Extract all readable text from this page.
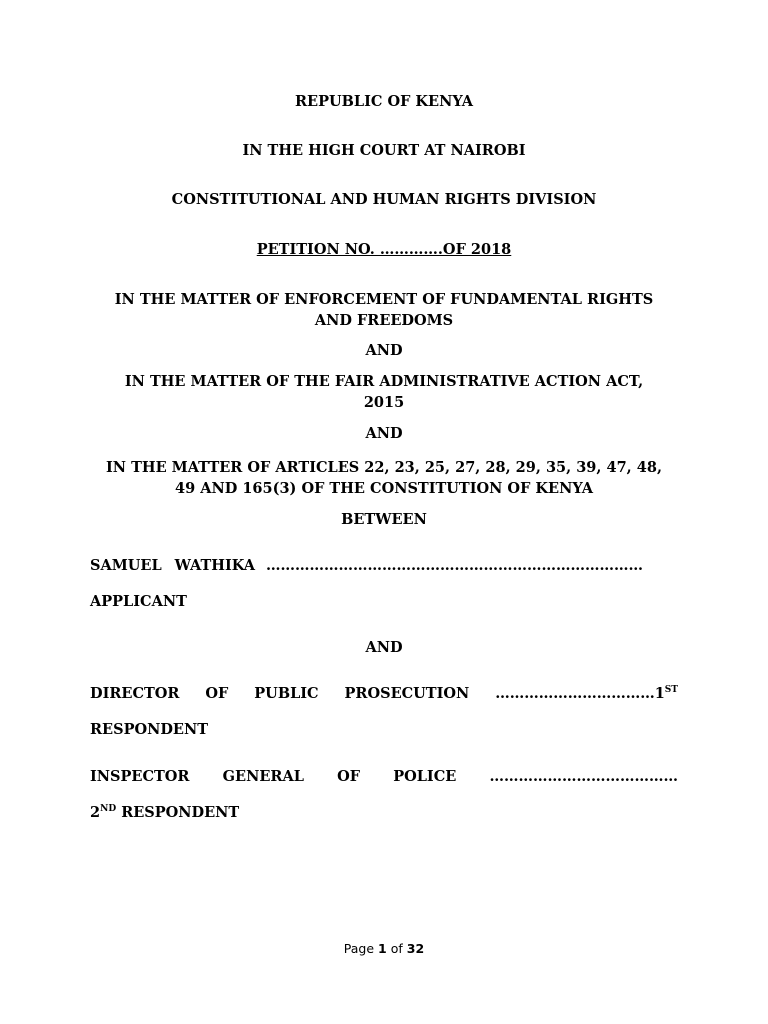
REPUBLIC OF KENYA
IN THE HIGH COURT AT NAIROBI
CONSTITUTIONAL AND HUMAN RIGHTS DIVISION
PETITION NO. ………….OF 2018
IN THE MATTER OF ENFORCEMENT OF FUNDAMENTAL RIGHTS
AND FREEDOMS
AND
IN THE MATTER OF THE FAIR ADMINISTRATIVE ACTION ACT,
2015
AND
IN THE MATTER OF ARTICLES 22, 23, 25, 27, 28, 29, 35, 39, 47, 48,
49 AND 165(3) OF THE CONSTITUTION OF KENYA
BETWEEN
SAMUEL WATHIKA ……………………………………………………………………
APPLICANT
AND
DIRECTOR OF PUBLIC PROSECUTION ……………………………1ST
RESPONDENT
INSPECTOR GENERAL OF POLICE …………………………………
2ND RESPONDENT
Page 1 of 32
